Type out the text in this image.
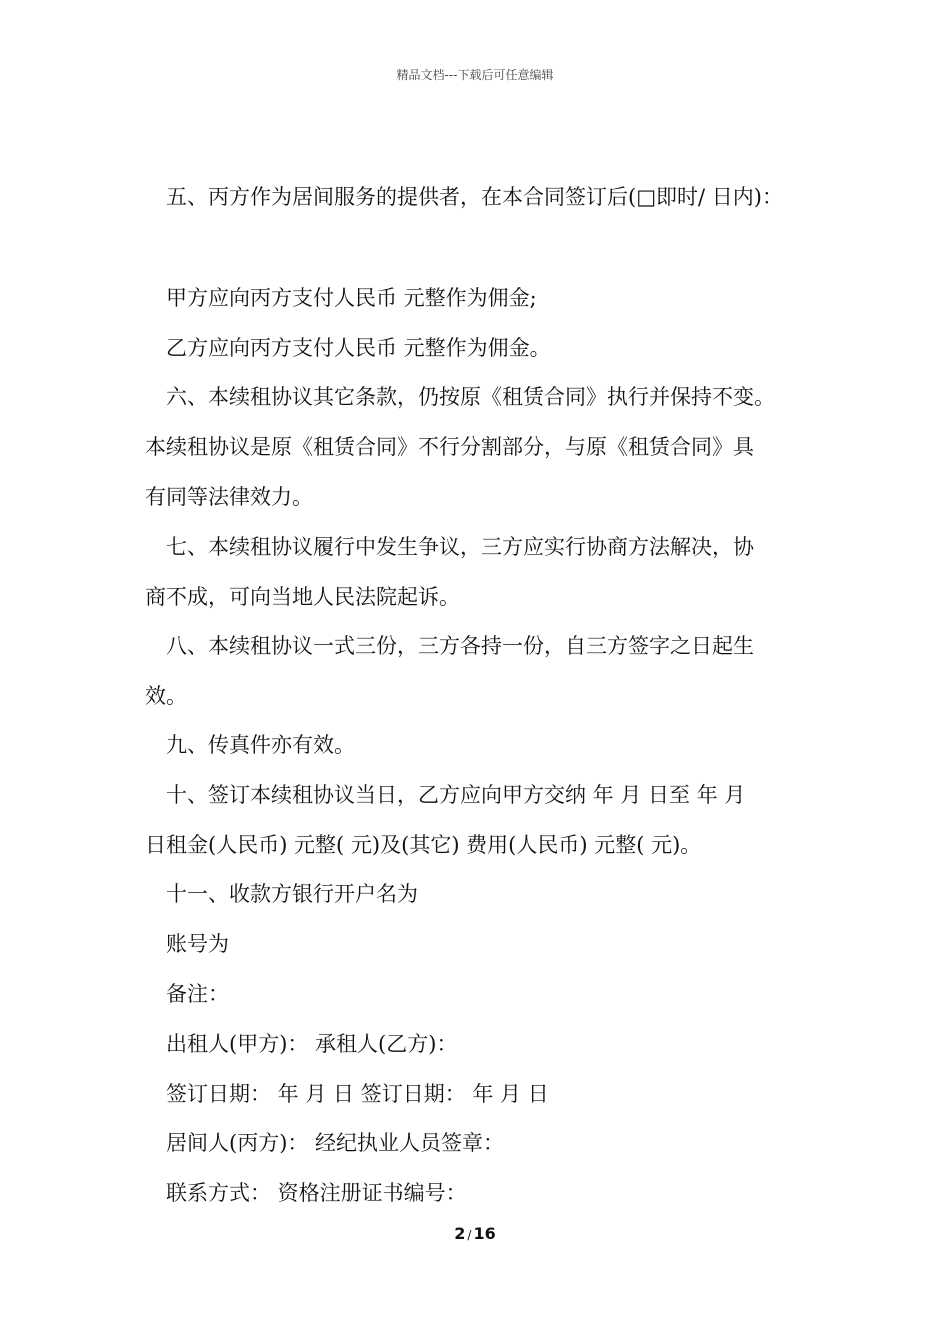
精品文档---下载后可任意编辑
五、丙方作为居间服务的提供者，在本合同签订后(□即时/ 日内)：
甲方应向丙方支付人民币 元整作为佣金;
乙方应向丙方支付人民币 元整作为佣金。
六、本续租协议其它条款，仍按原《租赁合同》执行并保持不变。
本续租协议是原《租赁合同》不行分割部分，与原《租赁合同》具
有同等法律效力。
七、本续租协议履行中发生争议，三方应实行协商方法解决，协
商不成，可向当地人民法院起诉。
八、本续租协议一式三份，三方各持一份，自三方签字之日起生
效。
九、传真件亦有效。
十、签订本续租协议当日，乙方应向甲方交纳 年 月 日至 年 月
日租金(人民币) 元整( 元)及(其它) 费用(人民币) 元整( 元)。
十一、收款方银行开户名为
账号为
备注：
出租人(甲方)： 承租人(乙方)：
签订日期： 年 月 日 签订日期： 年 月 日
居间人(丙方)： 经纪执业人员签章：
联系方式： 资格注册证书编号：
2 / 16
